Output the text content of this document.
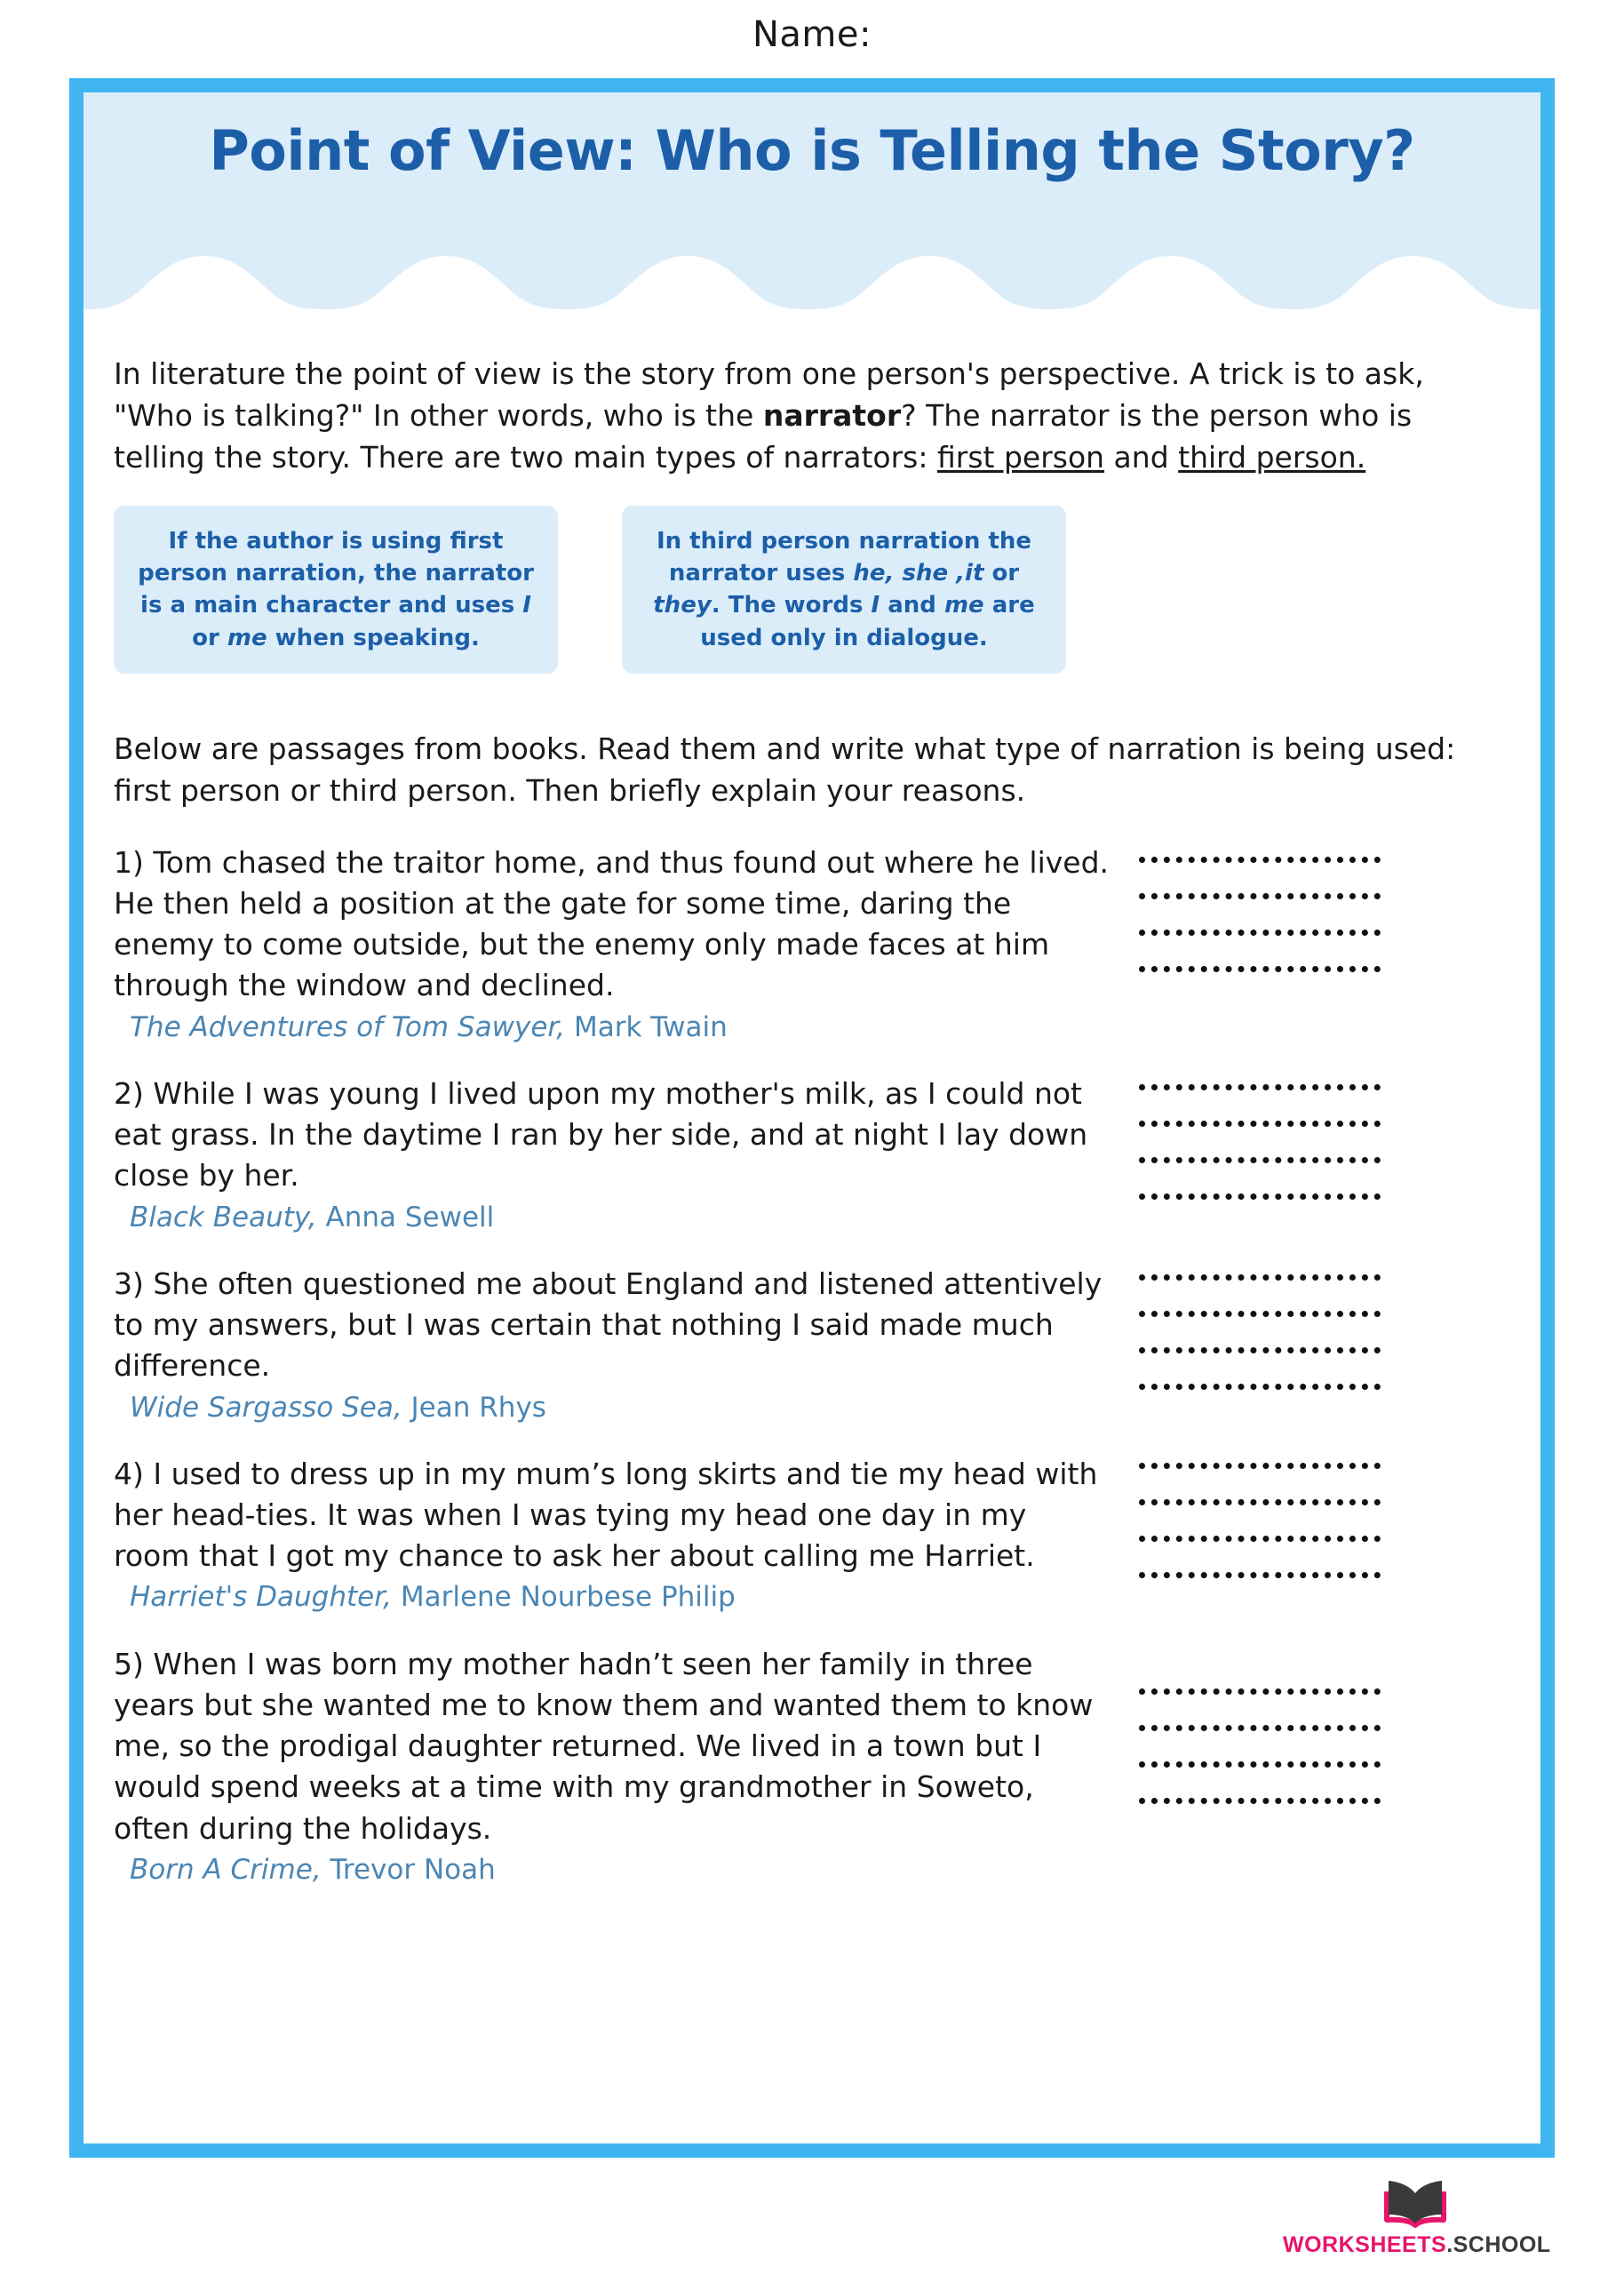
Name:
Point of View: Who is Telling the Story?

In literature the point of view is the story from one person's perspective. A trick is to ask, "Who is talking?" In other words, who is the narrator? The narrator is the person who is telling the story. There are two main types of narrators: first person and third person.

If the author is using first person narration, the narrator is a main character and uses I or me when speaking.
In third person narration the narrator uses he, she ,it or they. The words I and me are used only in dialogue.

Below are passages from books. Read them and write what type of narration is being used: first person or third person. Then briefly explain your reasons.

1) Tom chased the traitor home, and thus found out where he lived. He then held a position at the gate for some time, daring the enemy to come outside, but the enemy only made faces at him through the window and declined.

The Adventures of Tom Sawyer, Mark Twain

2) While I was young I lived upon my mother's milk, as I could not eat grass. In the daytime I ran by her side, and at night I lay down close by her.

Black Beauty, Anna Sewell

3) She often questioned me about England and listened attentively to my answers, but I was certain that nothing I said made much difference.

Wide Sargasso Sea, Jean Rhys

4) I used to dress up in my mum’s long skirts and tie my head with her head-ties. It was when I was tying my head one day in my room that I got my chance to ask her about calling me Harriet.

Harriet's Daughter, Marlene Nourbese Philip

5) When I was born my mother hadn’t seen her family in three years but she wanted me to know them and wanted them to know me, so the prodigal daughter returned. We lived in a town but I would spend weeks at a time with my grandmother in Soweto, often during the holidays.

Born A Crime, Trevor Noah

WORKSHEETS.SCHOOL
